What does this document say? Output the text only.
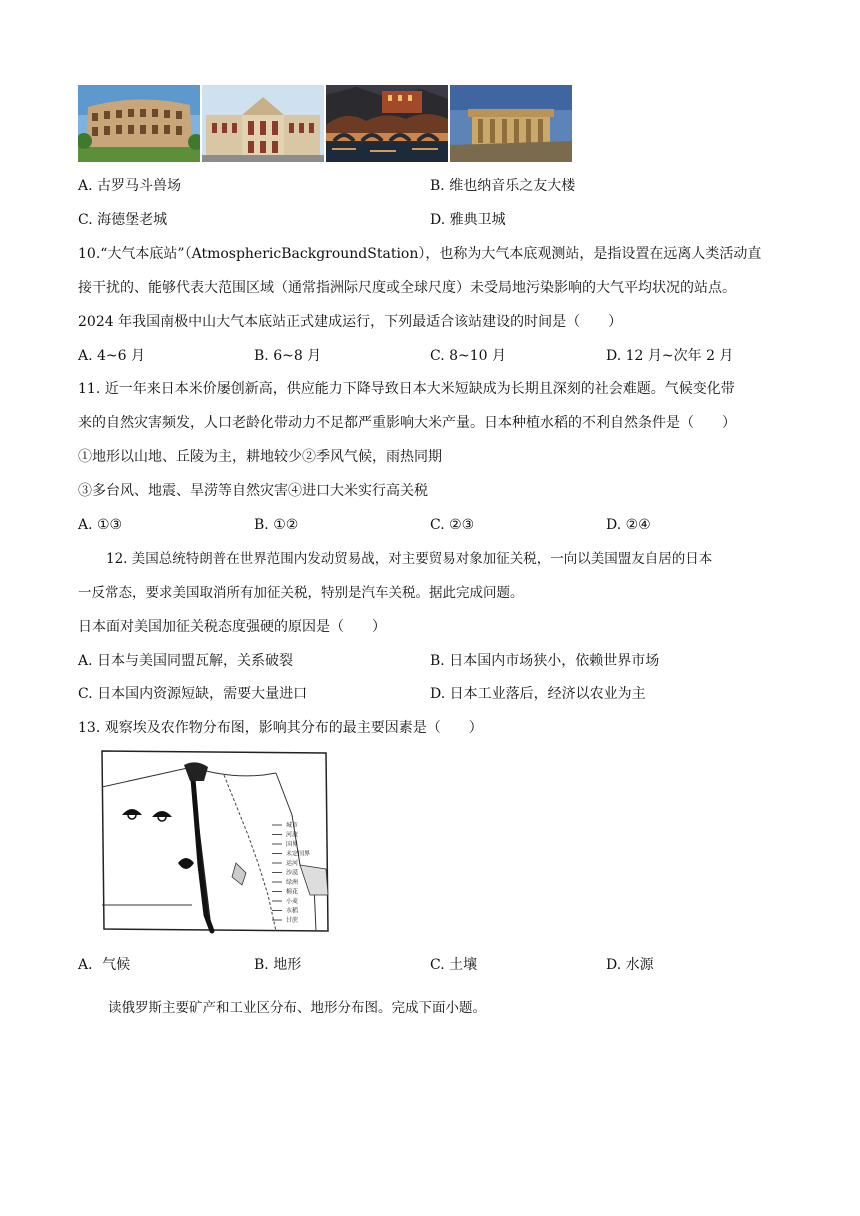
A. 古罗马斗兽场	B. 维也纳音乐之友大楼
C. 海德堡老城	D. 雅典卫城
10.“大气本底站”（AtmosphericBackgroundStation），也称为大气本底观测站，是指设置在远离人类活动直
接干扰的、能够代表大范围区域（通常指洲际尺度或全球尺度）未受局地污染影响的大气平均状况的站点。
2024 年我国南极中山大气本底站正式建成运行，下列最适合该站建设的时间是（　　）
A. 4~6 月	B. 6~8 月	C. 8~10 月	D. 12 月~次年 2 月
11. 近一年来日本米价屡创新高，供应能力下降导致日本大米短缺成为长期且深刻的社会难题。气候变化带
来的自然灾害频发，人口老龄化带动力不足都严重影响大米产量。日本种植水稻的不利自然条件是（　　）
①地形以山地、丘陵为主，耕地较少②季风气候，雨热同期
③多台风、地震、旱涝等自然灾害④进口大米实行高关税
A. ①③	B. ①②	C. ②③	D. ②④
12. 美国总统特朗普在世界范围内发动贸易战，对主要贸易对象加征关税，一向以美国盟友自居的日本
一反常态，要求美国取消所有加征关税，特别是汽车关税。据此完成问题。
日本面对美国加征关税态度强硬的原因是（　　）
A. 日本与美国同盟瓦解，关系破裂	B. 日本国内市场狭小，依赖世界市场
C. 日本国内资源短缺，需要大量进口	D. 日本工业落后，经济以农业为主
13. 观察埃及农作物分布图，影响其分布的最主要因素是（　　）
城市
河流
国界
未定国界
运河
沙漠
绿洲
棉花
小麦
水稻
甘蔗
A．气候	B. 地形	C. 土壤	D. 水源
读俄罗斯主要矿产和工业区分布、地形分布图。完成下面小题。
